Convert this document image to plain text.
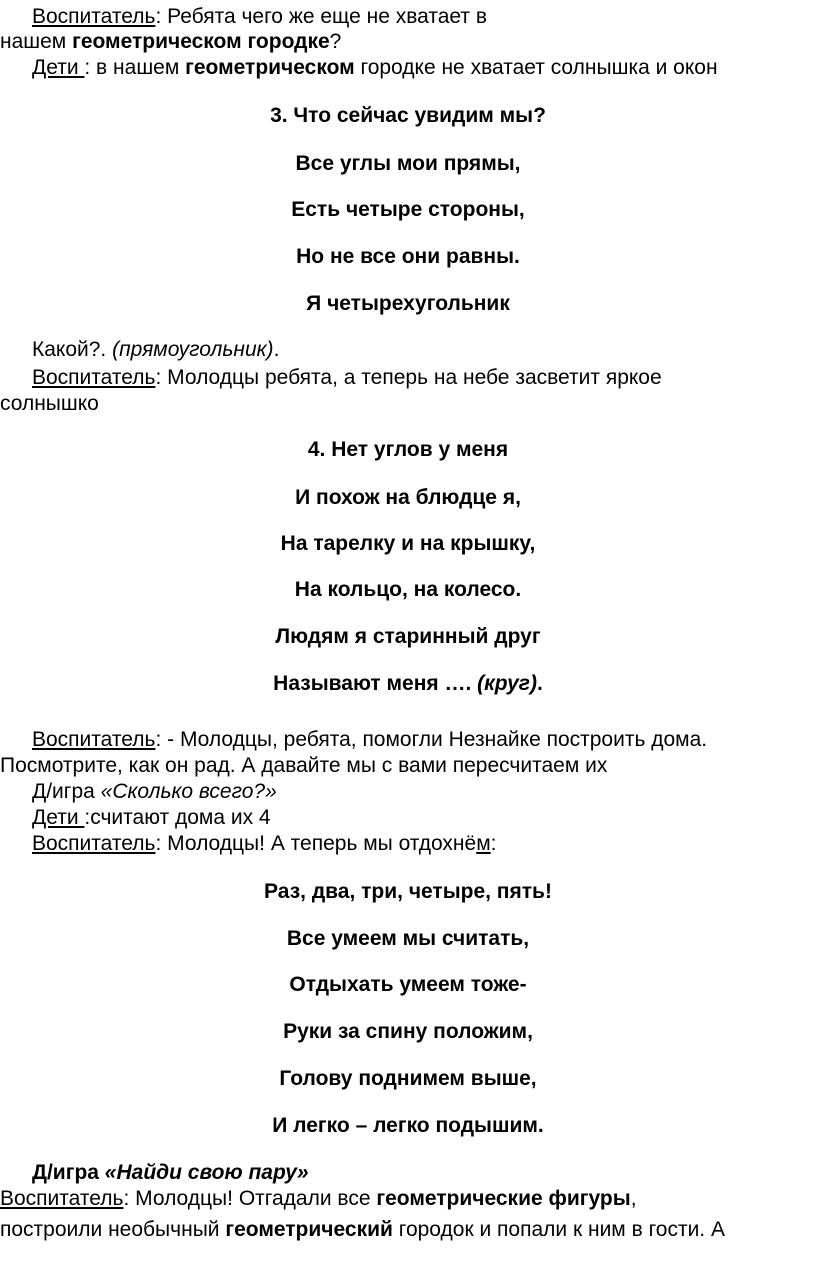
Воспитатель: Ребята чего же еще не хватает в
нашем геометрическом городке?
Дети : в нашем геометрическом городке не хватает солнышка и окон
3. Что сейчас увидим мы?
Все углы мои прямы,
Есть четыре стороны,
Но не все они равны.
Я четырехугольник
Какой?. (прямоугольник).
Воспитатель: Молодцы ребята, а теперь на небе засветит яркое
солнышко
4. Нет углов у меня
И похож на блюдце я,
На тарелку и на крышку,
На кольцо, на колесо.
Людям я старинный друг
Называют меня …. (круг).
Воспитатель: - Молодцы, ребята, помогли Незнайке построить дома.
Посмотрите, как он рад. А давайте мы с вами пересчитаем их
Д/игра «Сколько всего?»
Дети :считают дома их 4
Воспитатель: Молодцы! А теперь мы отдохнём:
Раз, два, три, четыре, пять!
Все умеем мы считать,
Отдыхать умеем тоже-
Руки за спину положим,
Голову поднимем выше,
И легко – легко подышим.
Д/игра «Найди свою пару»
Воспитатель: Молодцы! Отгадали все геометрические фигуры,
построили необычный геометрический городок и попали к ним в гости. А
